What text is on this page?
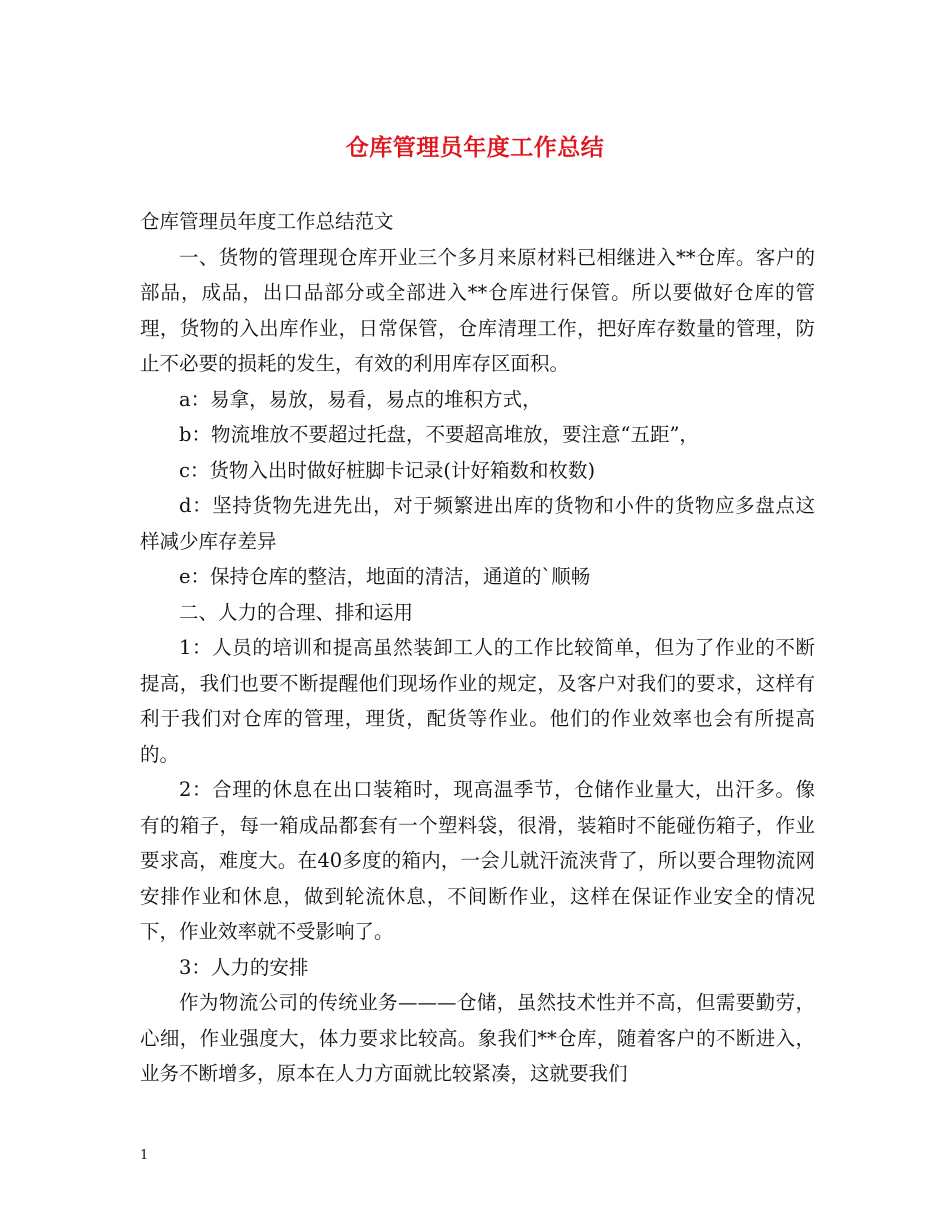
仓库管理员年度工作总结

仓库管理员年度工作总结范文

一、货物的管理现仓库开业三个多月来原材料已相继进入**仓库。客户的部品，成品，出口品部分或全部进入**仓库进行保管。所以要做好仓库的管理，货物的入出库作业，日常保管，仓库清理工作，把好库存数量的管理，防止不必要的损耗的发生，有效的利用库存区面积。

a：易拿，易放，易看，易点的堆积方式，

b：物流堆放不要超过托盘，不要超高堆放，要注意“五距”，

c：货物入出时做好桩脚卡记录(计好箱数和枚数)

d：坚持货物先进先出，对于频繁进出库的货物和小件的货物应多盘点这样减少库存差异

e：保持仓库的整洁，地面的清洁，通道的`顺畅

二、人力的合理、排和运用

1：人员的培训和提高虽然装卸工人的工作比较简单，但为了作业的不断提高，我们也要不断提醒他们现场作业的规定，及客户对我们的要求，这样有利于我们对仓库的管理，理货，配货等作业。他们的作业效率也会有所提高的。

2：合理的休息在出口装箱时，现高温季节，仓储作业量大，出汗多。像有的箱子，每一箱成品都套有一个塑料袋，很滑，装箱时不能碰伤箱子，作业要求高，难度大。在40多度的箱内，一会儿就汗流浃背了，所以要合理物流网安排作业和休息，做到轮流休息，不间断作业，这样在保证作业安全的情况下，作业效率就不受影响了。

3：人力的安排

作为物流公司的传统业务———仓储，虽然技术性并不高，但需要勤劳，心细，作业强度大，体力要求比较高。象我们**仓库，随着客户的不断进入，业务不断增多，原本在人力方面就比较紧凑，这就要我们

1
